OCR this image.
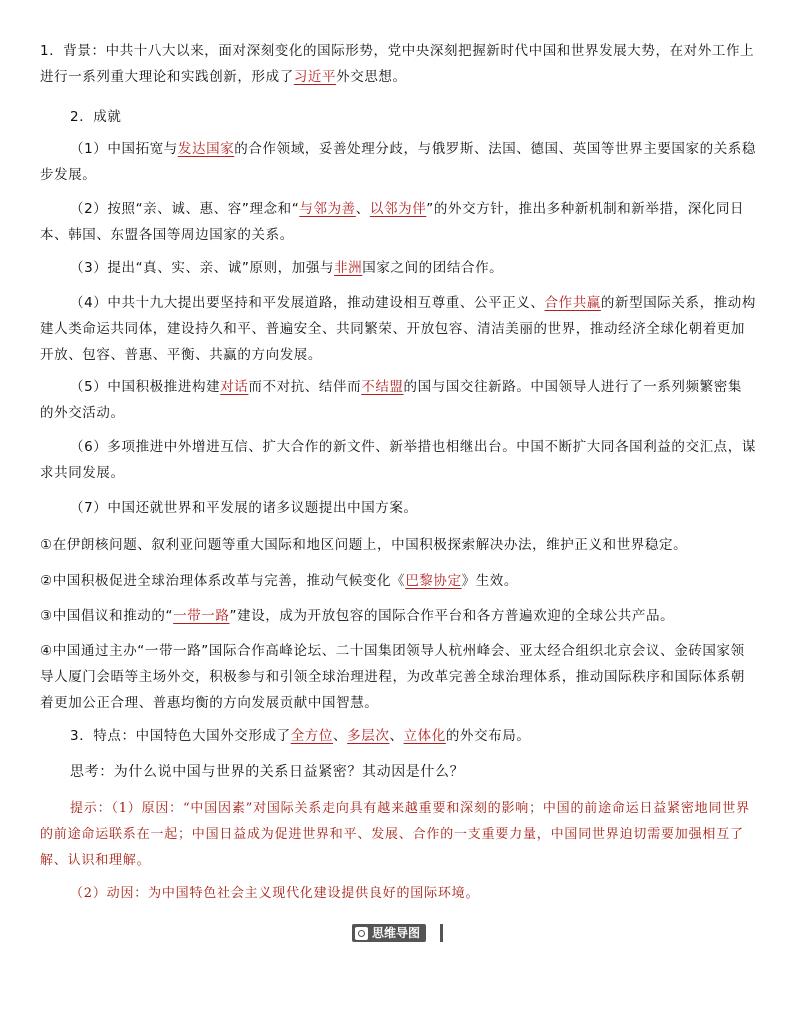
1．背景：中共十八大以来，面对深刻变化的国际形势，党中央深刻把握新时代中国和世界发展大势，在对外工作上进行一系列重大理论和实践创新，形成了习近平外交思想。

2．成就

（1）中国拓宽与发达国家的合作领域，妥善处理分歧，与俄罗斯、法国、德国、英国等世界主要国家的关系稳步发展。

（2）按照“亲、诚、惠、容”理念和“与邻为善、以邻为伴”的外交方针，推出多种新机制和新举措，深化同日本、韩国、东盟各国等周边国家的关系。

（3）提出“真、实、亲、诚”原则，加强与非洲国家之间的团结合作。

（4）中共十九大提出要坚持和平发展道路，推动建设相互尊重、公平正义、合作共赢的新型国际关系，推动构建人类命运共同体，建设持久和平、普遍安全、共同繁荣、开放包容、清洁美丽的世界，推动经济全球化朝着更加开放、包容、普惠、平衡、共赢的方向发展。

（5）中国积极推进构建对话而不对抗、结伴而不结盟的国与国交往新路。中国领导人进行了一系列频繁密集的外交活动。

（6）多项推进中外增进互信、扩大合作的新文件、新举措也相继出台。中国不断扩大同各国利益的交汇点，谋求共同发展。

（7）中国还就世界和平发展的诸多议题提出中国方案。

①在伊朗核问题、叙利亚问题等重大国际和地区问题上，中国积极探索解决办法，维护正义和世界稳定。

②中国积极促进全球治理体系改革与完善，推动气候变化《巴黎协定》生效。

③中国倡议和推动的“一带一路”建设，成为开放包容的国际合作平台和各方普遍欢迎的全球公共产品。

④中国通过主办“一带一路”国际合作高峰论坛、二十国集团领导人杭州峰会、亚太经合组织北京会议、金砖国家领导人厦门会晤等主场外交，积极参与和引领全球治理进程，为改革完善全球治理体系，推动国际秩序和国际体系朝着更加公正合理、普惠均衡的方向发展贡献中国智慧。

3．特点：中国特色大国外交形成了全方位、多层次、立体化的外交布局。

思考：为什么说中国与世界的关系日益紧密？其动因是什么？

提示：（1）原因：“中国因素”对国际关系走向具有越来越重要和深刻的影响；中国的前途命运日益紧密地同世界的前途命运联系在一起；中国日益成为促进世界和平、发展、合作的一支重要力量，中国同世界迫切需要加强相互了解、认识和理解。

（2）动因：为中国特色社会主义现代化建设提供良好的国际环境。

思维导图
